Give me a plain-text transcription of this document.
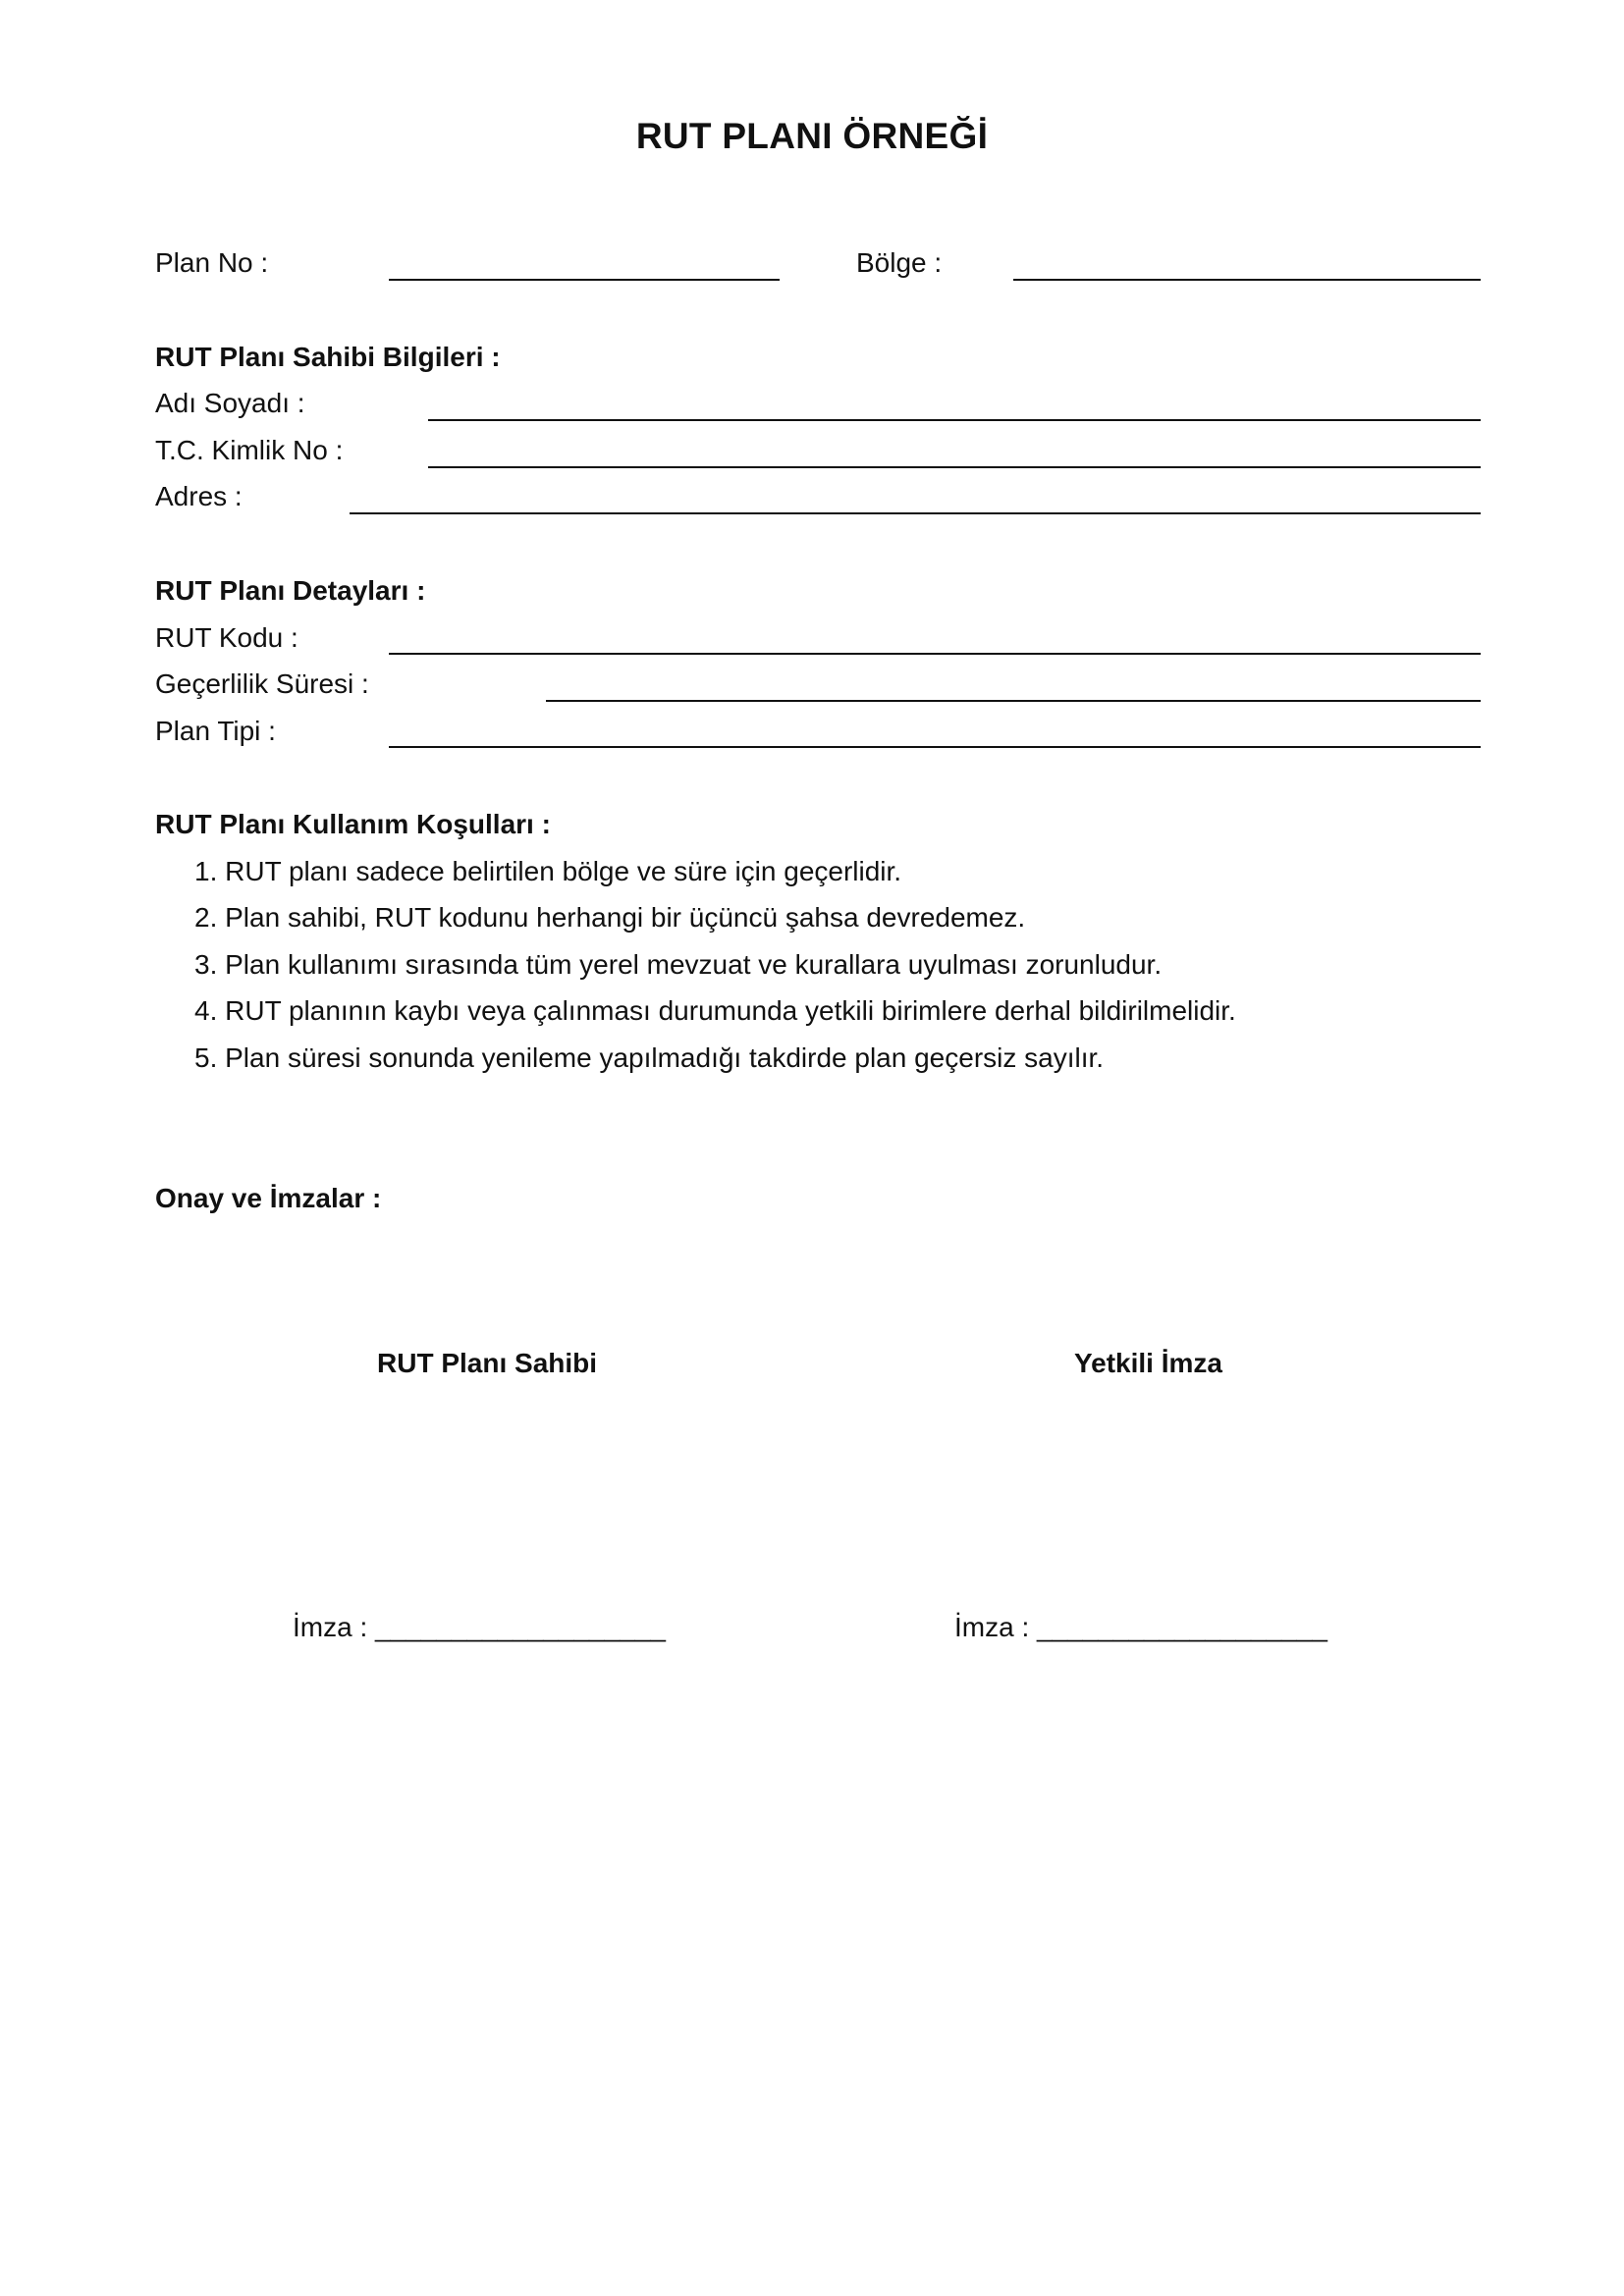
RUT PLANI ÖRNEĞİ
Plan No :	Bölge :
RUT Planı Sahibi Bilgileri :
Adı Soyadı :
T.C. Kimlik No :
Adres :
RUT Planı Detayları :
RUT Kodu :
Geçerlilik Süresi :
Plan Tipi :
RUT Planı Kullanım Koşulları :
1. RUT planı sadece belirtilen bölge ve süre için geçerlidir.
2. Plan sahibi, RUT kodunu herhangi bir üçüncü şahsa devredemez.
3. Plan kullanımı sırasında tüm yerel mevzuat ve kurallara uyulması zorunludur.
4. RUT planının kaybı veya çalınması durumunda yetkili birimlere derhal bildirilmelidir.
5. Plan süresi sonunda yenileme yapılmadığı takdirde plan geçersiz sayılır.
Onay ve İmzalar :
RUT Planı Sahibi	Yetkili İmza
İmza : ___________________	İmza : ___________________
